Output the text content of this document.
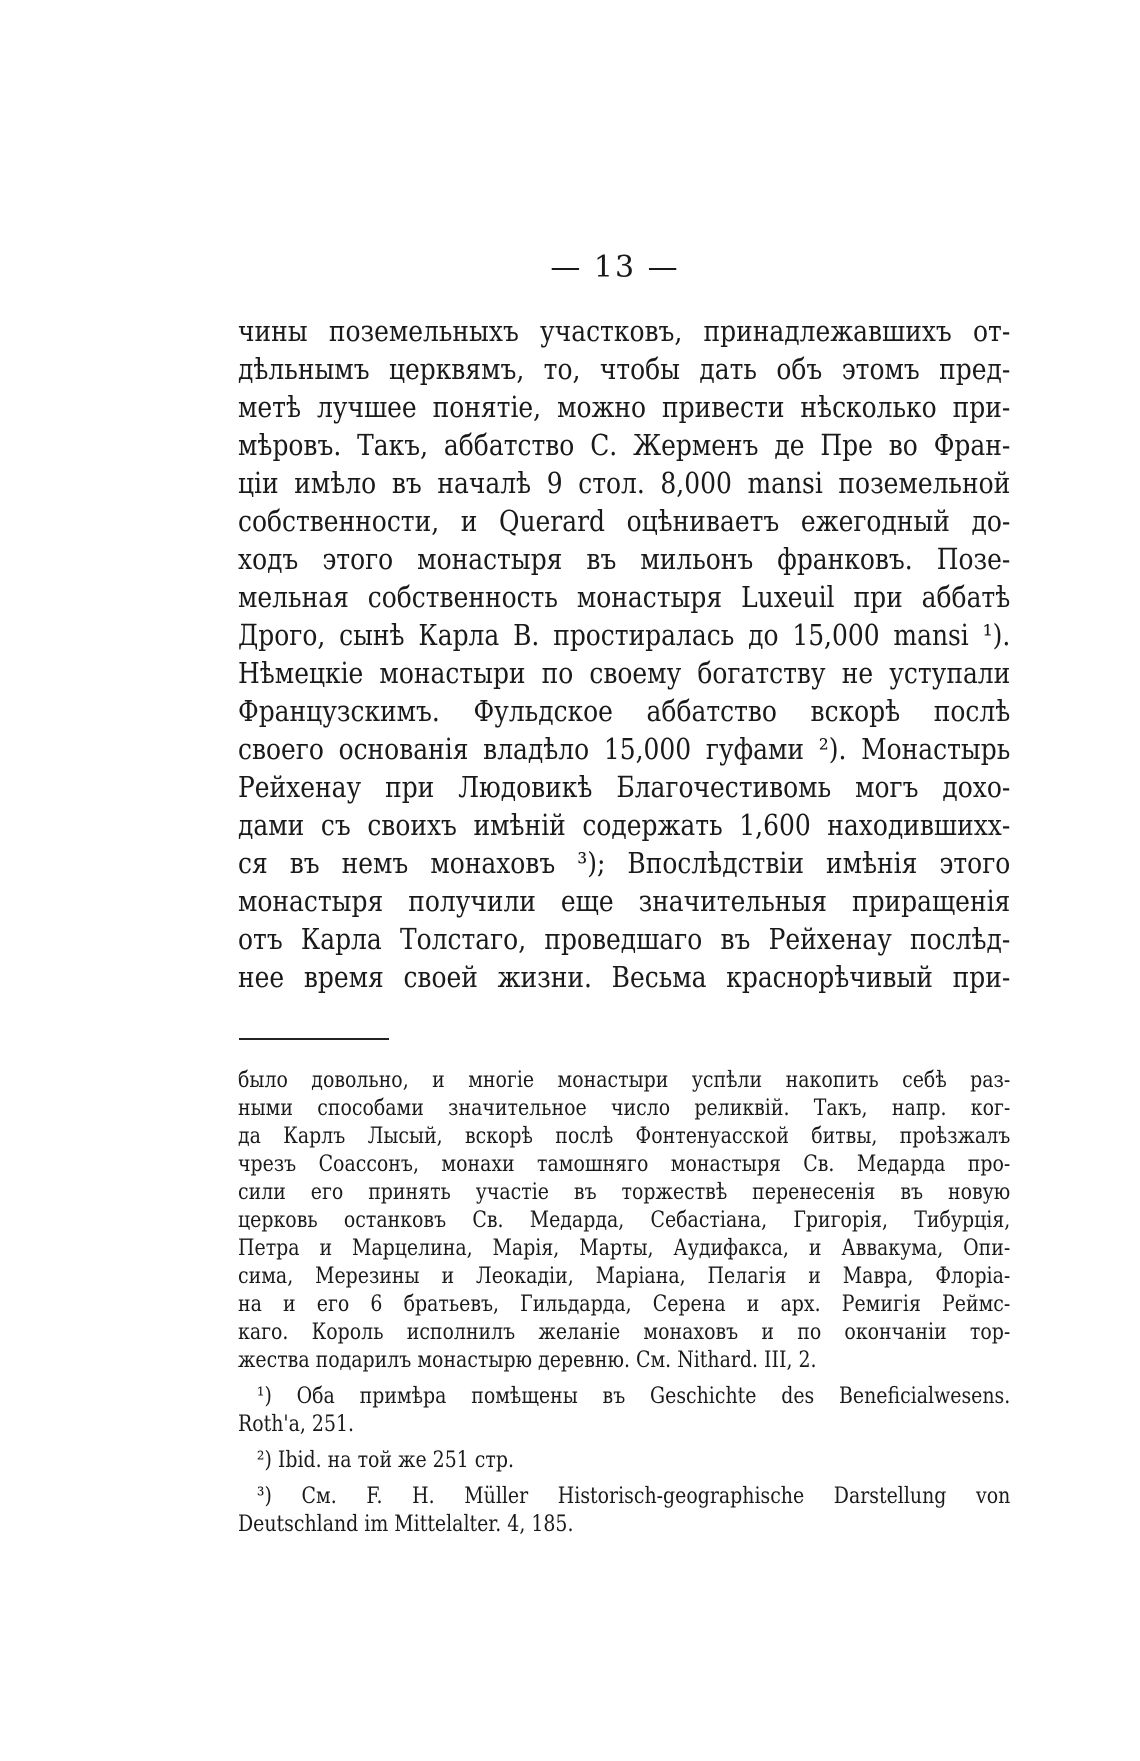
— 13 —
чины поземельныхъ участковъ, принадлежавшихъ от-
дѣльнымъ церквямъ, то, чтобы дать объ этомъ пред-
метѣ лучшее понятіе, можно привести нѣсколько при-
мѣровъ. Такъ, аббатство С. Жерменъ де Пре во Фран-
ціи имѣло въ началѣ 9 стол. 8,000 mansi поземельной
собственности, и Querard оцѣниваетъ ежегодный до-
ходъ этого монастыря въ мильонъ франковъ. Позе-
мельная собственность монастыря Luxeuil при аббатѣ
Дрого, сынѣ Карла В. простиралась до 15,000 mansi ¹).
Нѣмецкіе монастыри по своему богатству не уступали
Французскимъ. Фульдское аббатство вскорѣ послѣ
своего основанія владѣло 15,000 гуфами ²). Монастырь
Рейхенау при Людовикѣ Благочестивомь могъ дохо-
дами съ своихъ имѣній содержать 1,600 находившихх-
ся въ немъ монаховъ ³); Впослѣдствіи имѣнія этого
монастыря получили еще значительныя приращенія
отъ Карла Толстаго, проведшаго въ Рейхенау послѣд-
нее время своей жизни. Весьма краснорѣчивый при-
было довольно, и многіе монастыри успѣли накопить себѣ раз-
ными способами значительное число реликвій. Такъ, напр. ког-
да Карлъ Лысый, вскорѣ послѣ Фонтенуасской битвы, проѣзжалъ
чрезъ Соассонъ, монахи тамошняго монастыря Св. Медарда про-
сили его принять участіе въ торжествѣ перенесенія въ новую
церковь останковъ Св. Медарда, Себастіана, Григорія, Тибурція,
Петра и Марцелина, Марія, Марты, Аудифакса, и Аввакума, Опи-
сима, Мерезины и Леокадіи, Маріана, Пелагія и Мавра, Флоріа-
на и его 6 братьевъ, Гильдарда, Серена и арх. Ремигія Реймс-
каго. Король исполнилъ желаніе монаховъ и по окончаніи тор-
жества подарилъ монастырю деревню. См. Nithard. III, 2.
¹) Оба примѣра помѣщены въ Geschichte des Beneficialwesens.
Roth'a, 251.
²) Ibid. на той же 251 стр.
³) См. F. H. Müller Historisch-geographische Darstellung von
Deutschland im Mittelalter. 4, 185.
